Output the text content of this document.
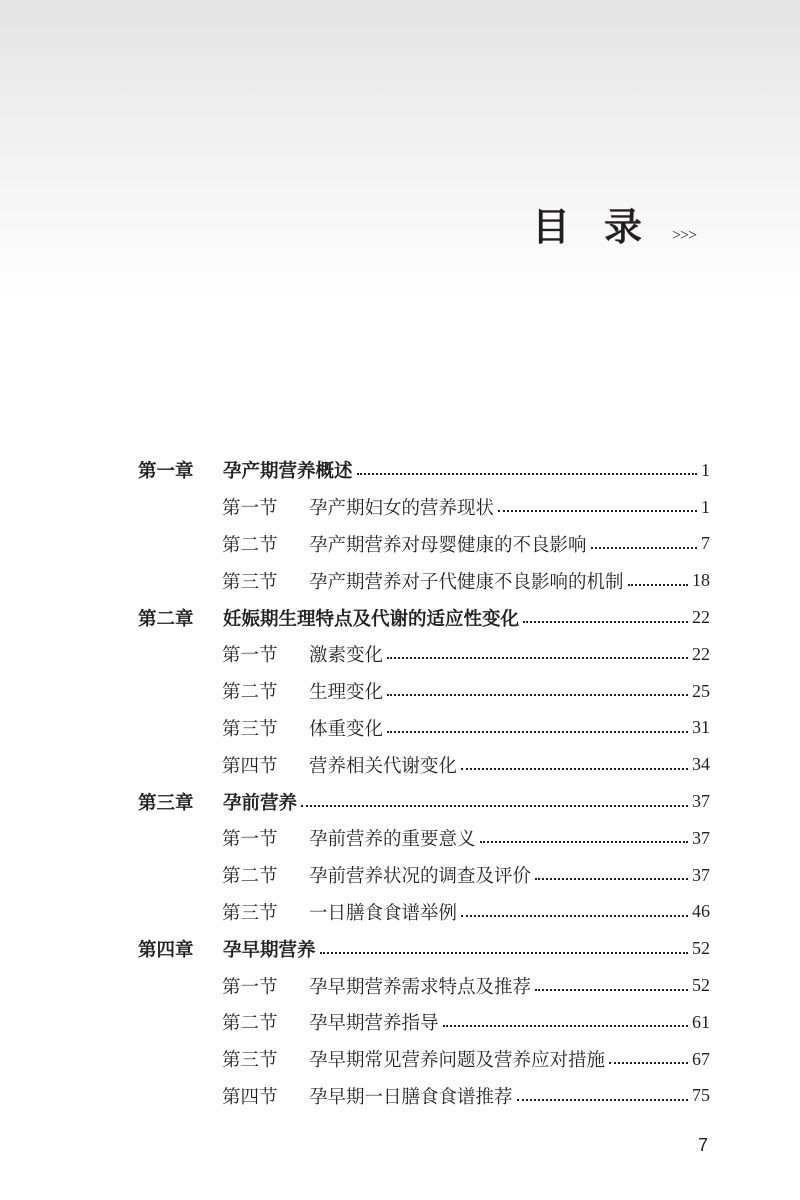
目 录 >>>
第一章	孕产期营养概述	1
第一节	孕产期妇女的营养现状	1
第二节	孕产期营养对母婴健康的不良影响	7
第三节	孕产期营养对子代健康不良影响的机制	18
第二章	妊娠期生理特点及代谢的适应性变化	22
第一节	激素变化	22
第二节	生理变化	25
第三节	体重变化	31
第四节	营养相关代谢变化	34
第三章	孕前营养	37
第一节	孕前营养的重要意义	37
第二节	孕前营养状况的调查及评价	37
第三节	一日膳食食谱举例	46
第四章	孕早期营养	52
第一节	孕早期营养需求特点及推荐	52
第二节	孕早期营养指导	61
第三节	孕早期常见营养问题及营养应对措施	67
第四节	孕早期一日膳食食谱推荐	75
7
